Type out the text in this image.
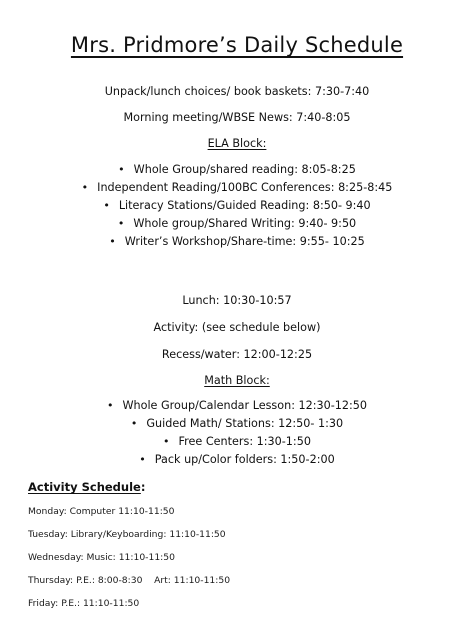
Mrs. Pridmore’s Daily Schedule
Unpack/lunch choices/ book baskets: 7:30-7:40
Morning meeting/WBSE News: 7:40-8:05
ELA Block:
• Whole Group/shared reading: 8:05-8:25
• Independent Reading/100BC Conferences: 8:25-8:45
• Literacy Stations/Guided Reading: 8:50- 9:40
• Whole group/Shared Writing: 9:40- 9:50
• Writer’s Workshop/Share-time: 9:55- 10:25
Lunch: 10:30-10:57
Activity: (see schedule below)
Recess/water: 12:00-12:25
Math Block:
• Whole Group/Calendar Lesson: 12:30-12:50
• Guided Math/ Stations: 12:50- 1:30
• Free Centers: 1:30-1:50
• Pack up/Color folders: 1:50-2:00
Activity Schedule:
Monday: Computer 11:10-11:50
Tuesday: Library/Keyboarding: 11:10-11:50
Wednesday: Music: 11:10-11:50
Thursday: P.E.: 8:00-8:30    Art: 11:10-11:50
Friday: P.E.: 11:10-11:50
